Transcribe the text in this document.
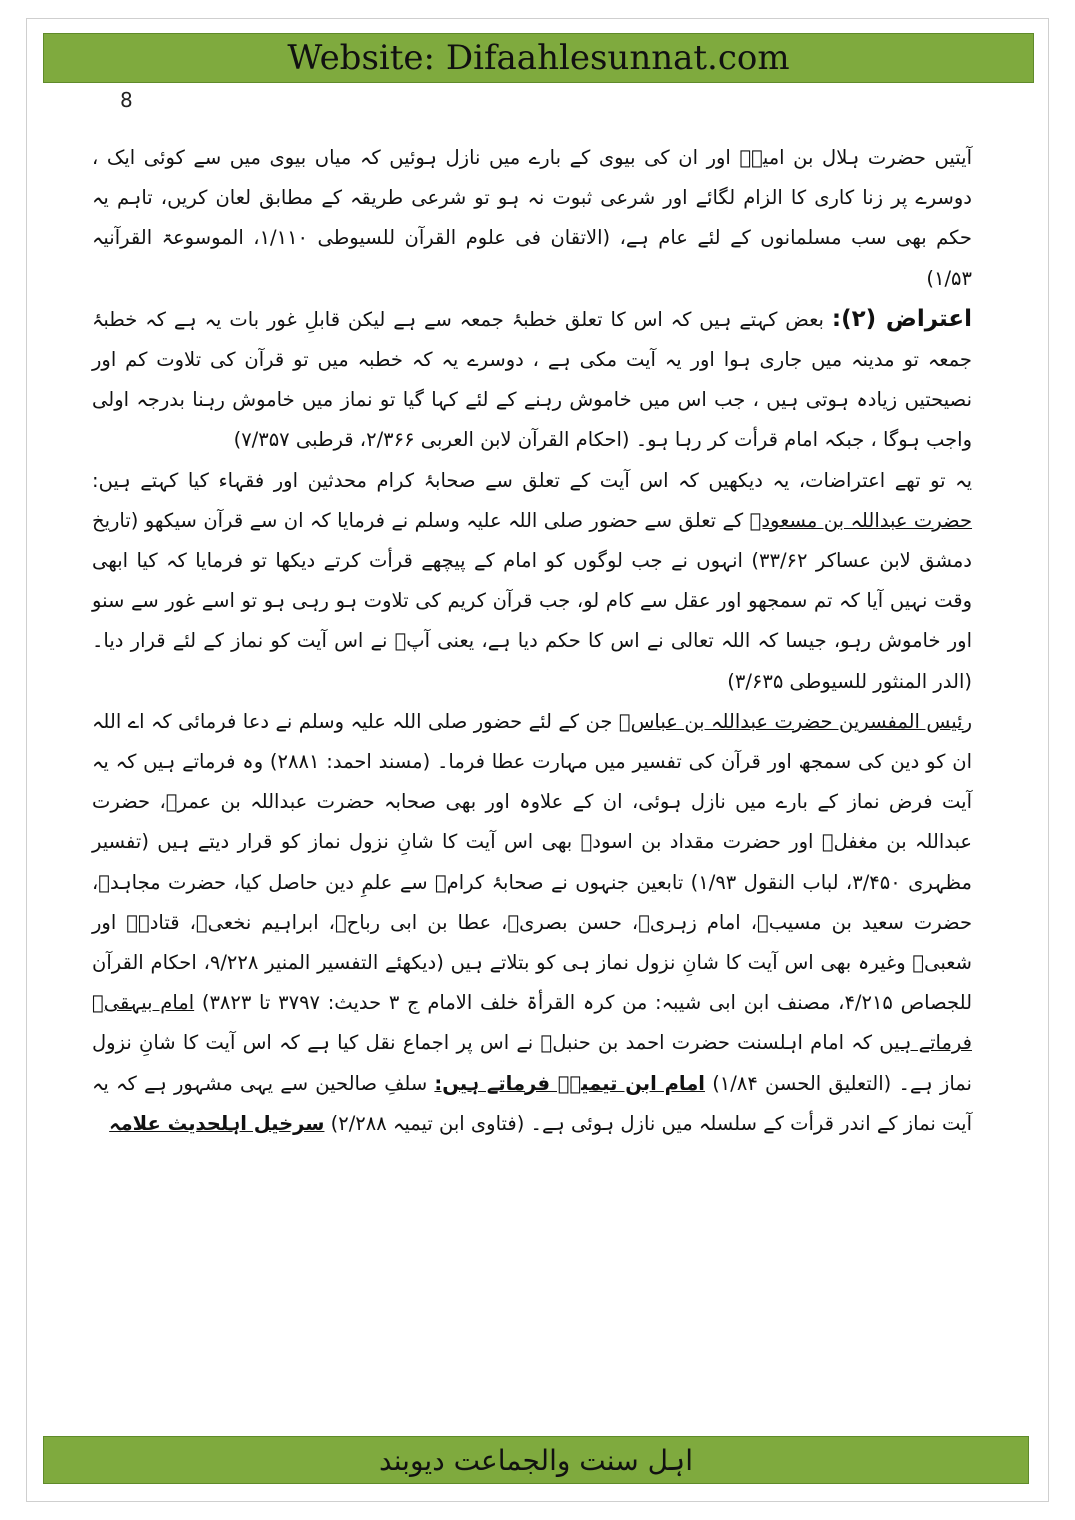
Website: Difaahlesunnat.com
8

آیتیں حضرت ہلال بن امیہؓ اور ان کی بیوی کے بارے میں نازل ہوئیں کہ میاں بیوی میں سے کوئی ایک ، دوسرے پر زنا کاری کا الزام لگائے اور شرعی ثبوت نہ ہو تو شرعی طریقہ کے مطابق لعان کریں، تاہم یہ حکم بھی سب مسلمانوں کے لئے عام ہے، (الاتقان فی علوم القرآن للسیوطی ۱/۱۱۰، الموسوعۃ القرآنیہ ۱/۵۳)

اعتراض (۲): بعض کہتے ہیں کہ اس کا تعلق خطبۂ جمعہ سے ہے لیکن قابلِ غور بات یہ ہے کہ خطبۂ جمعہ تو مدینہ میں جاری ہوا اور یہ آیت مکی ہے ، دوسرے یہ کہ خطبہ میں تو قرآن کی تلاوت کم اور نصیحتیں زیادہ ہوتی ہیں ، جب اس میں خاموش رہنے کے لئے کہا گیا تو نماز میں خاموش رہنا بدرجہ اولی واجب ہوگا ، جبکہ امام قرأت کر رہا ہو۔ (احکام القرآن لابن العربی ۲/۳۶۶، قرطبی ۷/۳۵۷)

یہ تو تھے اعتراضات، یہ دیکھیں کہ اس آیت کے تعلق سے صحابۂ کرام محدثین اور فقہاء کیا کہتے ہیں: حضرت عبداللہ بن مسعودؓ کے تعلق سے حضور صلی اللہ علیہ وسلم نے فرمایا کہ ان سے قرآن سیکھو (تاریخ دمشق لابن عساکر ۳۳/۶۲) انہوں نے جب لوگوں کو امام کے پیچھے قرأت کرتے دیکھا تو فرمایا کہ کیا ابھی وقت نہیں آیا کہ تم سمجھو اور عقل سے کام لو، جب قرآن کریم کی تلاوت ہو رہی ہو تو اسے غور سے سنو اور خاموش رہو، جیسا کہ اللہ تعالی نے اس کا حکم دیا ہے، یعنی آپؓ نے اس آیت کو نماز کے لئے قرار دیا۔ (الدر المنثور للسیوطی ۳/۶۳۵)

رئیس المفسرین حضرت عبداللہ بن عباسؓ جن کے لئے حضور صلی اللہ علیہ وسلم نے دعا فرمائی کہ اے اللہ ان کو دین کی سمجھ اور قرآن کی تفسیر میں مہارت عطا فرما۔ (مسند احمد: ۲۸۸۱) وہ فرماتے ہیں کہ یہ آیت فرض نماز کے بارے میں نازل ہوئی، ان کے علاوہ اور بھی صحابہ حضرت عبداللہ بن عمرؓ، حضرت عبداللہ بن مغفلؓ اور حضرت مقداد بن اسودؓ بھی اس آیت کا شانِ نزول نماز کو قرار دیتے ہیں (تفسیر مظہری ۳/۴۵۰، لباب النقول ۱/۹۳) تابعین جنہوں نے صحابۂ کرامؓ سے علمِ دین حاصل کیا، حضرت مجاہدؒ، حضرت سعید بن مسیبؒ، امام زہریؒ، حسن بصریؒ، عطا بن ابی رباحؒ، ابراہیم نخعیؒ، قتادہؒ اور شعبیؒ وغیرہ بھی اس آیت کا شانِ نزول نماز ہی کو بتلاتے ہیں (دیکھئے التفسیر المنیر ۹/۲۲۸، احکام القرآن للجصاص ۴/۲۱۵، مصنف ابن ابی شیبہ: من کرہ القرأۃ خلف الامام ج ۳ حدیث: ۳۷۹۷ تا ۳۸۲۳) امام بیہقیؒ فرماتے ہیں کہ امام اہلسنت حضرت احمد بن حنبلؒ نے اس پر اجماع نقل کیا ہے کہ اس آیت کا شانِ نزول نماز ہے۔ (التعلیق الحسن ۱/۸۴) امام ابن تیمیہؒ فرماتے ہیں: سلفِ صالحین سے یہی مشہور ہے کہ یہ آیت نماز کے اندر قرأت کے سلسلہ میں نازل ہوئی ہے۔ (فتاوی ابن تیمیہ ۲/۲۸۸) سرخیل اہلحدیث علامہ

اہل سنت والجماعت دیوبند
